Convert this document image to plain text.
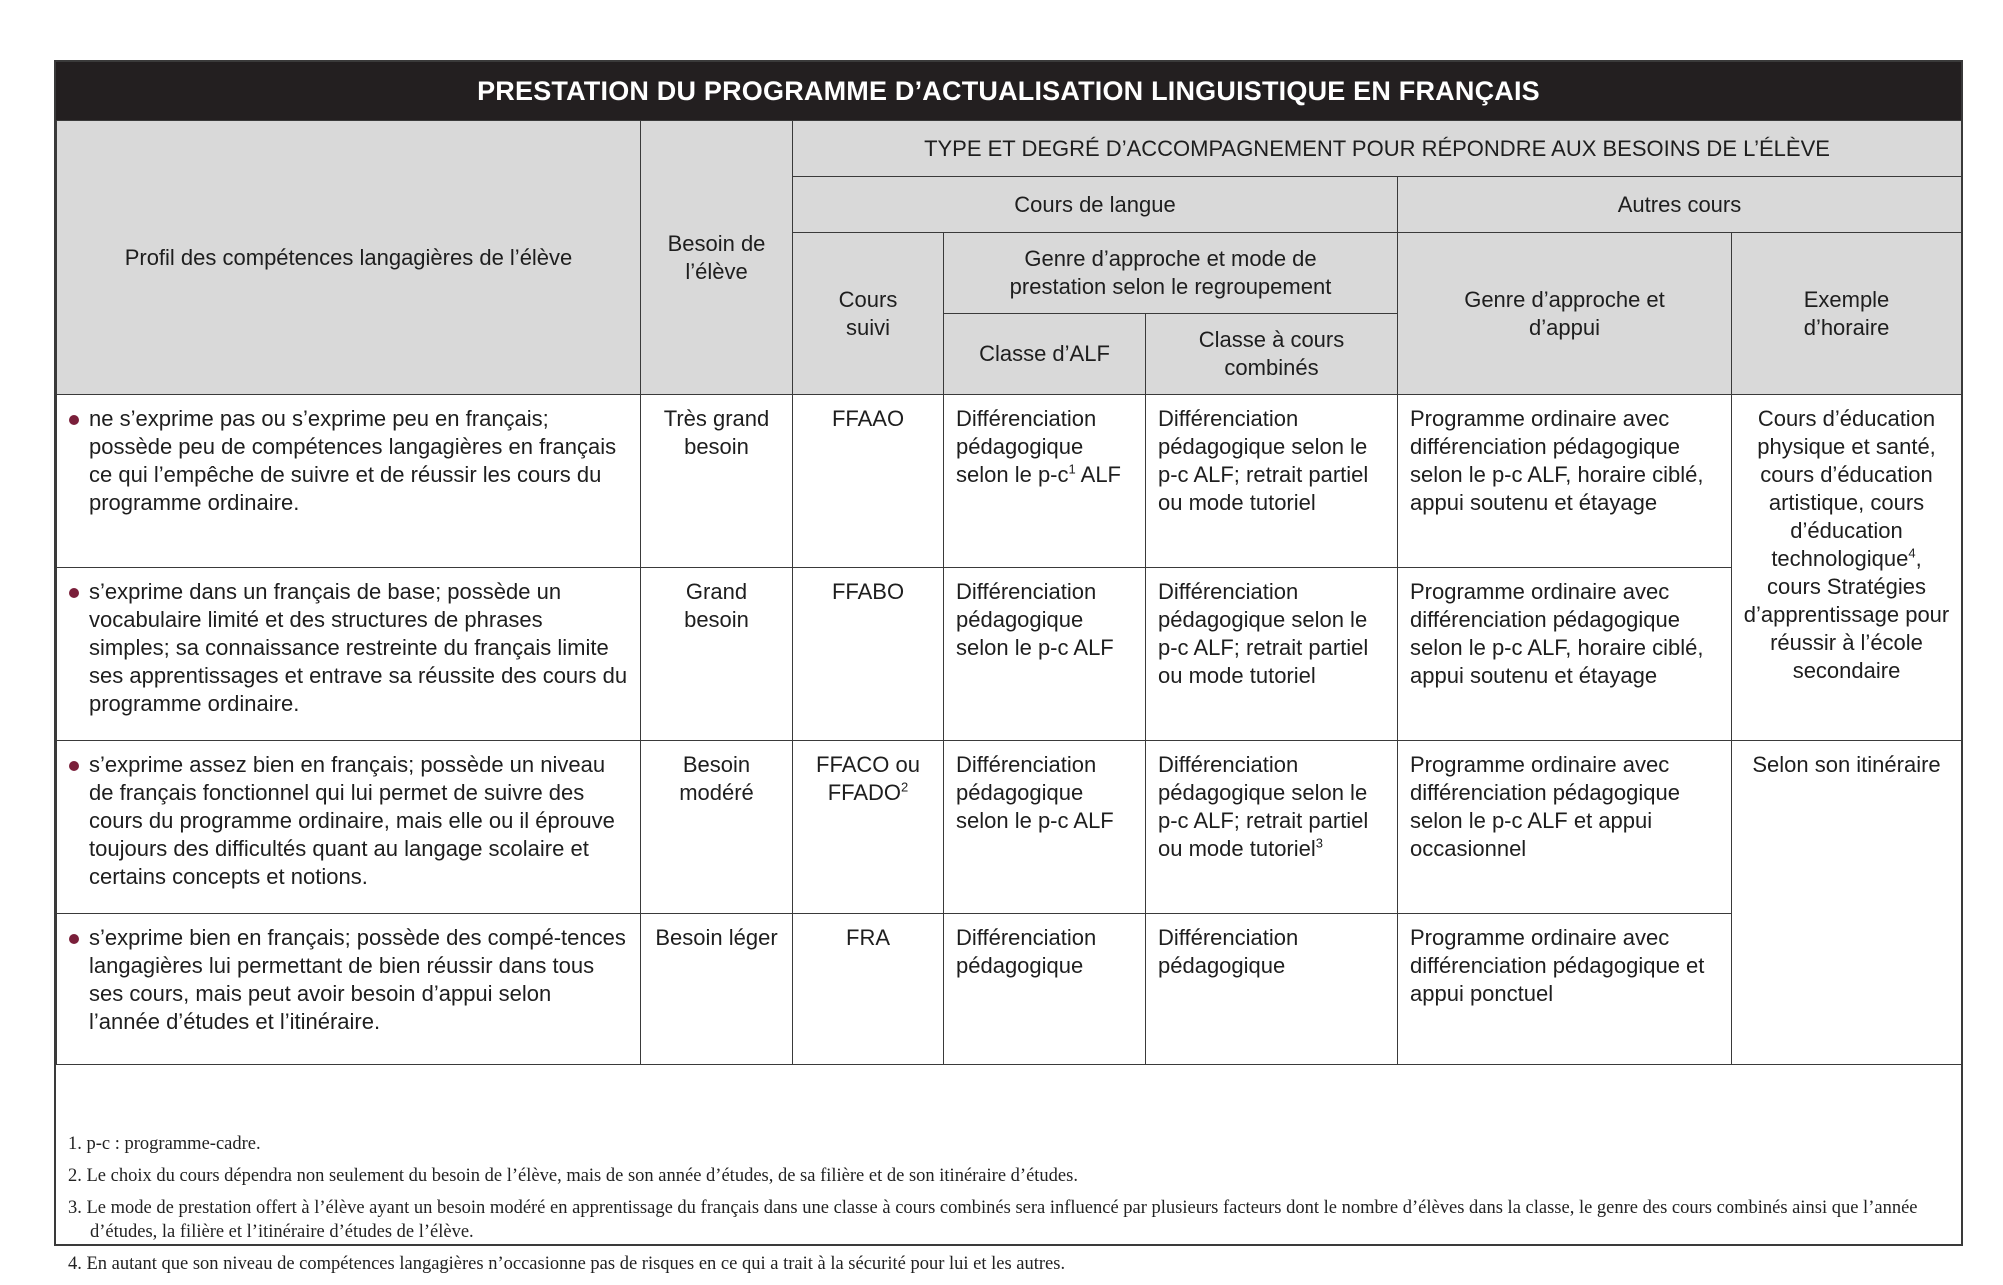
PRESTATION DU PROGRAMME D’ACTUALISATION LINGUISTIQUE EN FRANÇAIS
Profil des compétences langagières de l’élève	Besoin de l’élève	TYPE ET DEGRÉ D’ACCOMPAGNEMENT POUR RÉPONDRE AUX BESOINS DE L’ÉLÈVE				
		Cours de langue			Autres cours	
		Cours suivi	Genre d’approche et mode de prestation selon le regroupement		Genre d’approche et d’appui	Exemple d’horaire
			Classe d’ALF	Classe à cours combinés		

ne s’exprime pas ou s’exprime peu en français; possède peu de compétences langagières en français ce qui l’empêche de suivre et de réussir les cours du programme ordinaire.	Très grand besoin	FFAAO	Différenciation pédagogique selon le $p-c^1$ ALF	Différenciation pédagogique selon le p-c ALF; retrait partiel ou mode tutoriel	Programme ordinaire avec différenciation pédagogique selon le p-c ALF, horaire ciblé, appui soutenu et étayage	Cours d’éducation physique et santé, cours d’éducation artistique, cours d’éducation technologique$^4$, cours Stratégies d’apprentissage pour réussir à l’école secondaire

s’exprime dans un français de base; possède un vocabulaire limité et des structures de phrases simples; sa connaissance restreinte du français limite ses apprentissages et entrave sa réussite des cours du programme ordinaire.	Grand besoin	FFABO	Différenciation pédagogique selon le p-c ALF	Différenciation pédagogique selon le p-c ALF; retrait partiel ou mode tutoriel	Programme ordinaire avec différenciation pédagogique selon le p-c ALF, horaire ciblé, appui soutenu et étayage	

s’exprime assez bien en français; possède un niveau de français fonctionnel qui lui permet de suivre des cours du programme ordinaire, mais elle ou il éprouve toujours des difficultés quant au langage scolaire et certains concepts et notions.	Besoin modéré	FFACO ou FFADO$^2$	Différenciation pédagogique selon le p-c ALF	Différenciation pédagogique selon le p-c ALF; retrait partiel ou mode tutoriel$^3$	Programme ordinaire avec différenciation pédagogique selon le p-c ALF et appui occasionnel	Selon son itinéraire

s’exprime bien en français; possède des compé-tences langagières lui permettant de bien réussir dans tous ses cours, mais peut avoir besoin d’appui selon l’année d’études et l’itinéraire.	Besoin léger	FRA	Différenciation pédagogique	Différenciation pédagogique	Programme ordinaire avec différenciation pédagogique et appui ponctuel	
1. p-c : programme-cadre.
2. Le choix du cours dépendra non seulement du besoin de l’élève, mais de son année d’études, de sa filière et de son itinéraire d’études.
3. Le mode de prestation offert à l’élève ayant un besoin modéré en apprentissage du français dans une classe à cours combinés sera influencé par plusieurs facteurs dont le nombre d’élèves dans la classe, le genre des cours combinés ainsi que l’année d’études, la filière et l’itinéraire d’études de l’élève.
4. En autant que son niveau de compétences langagières n’occasionne pas de risques en ce qui a trait à la sécurité pour lui et les autres.
